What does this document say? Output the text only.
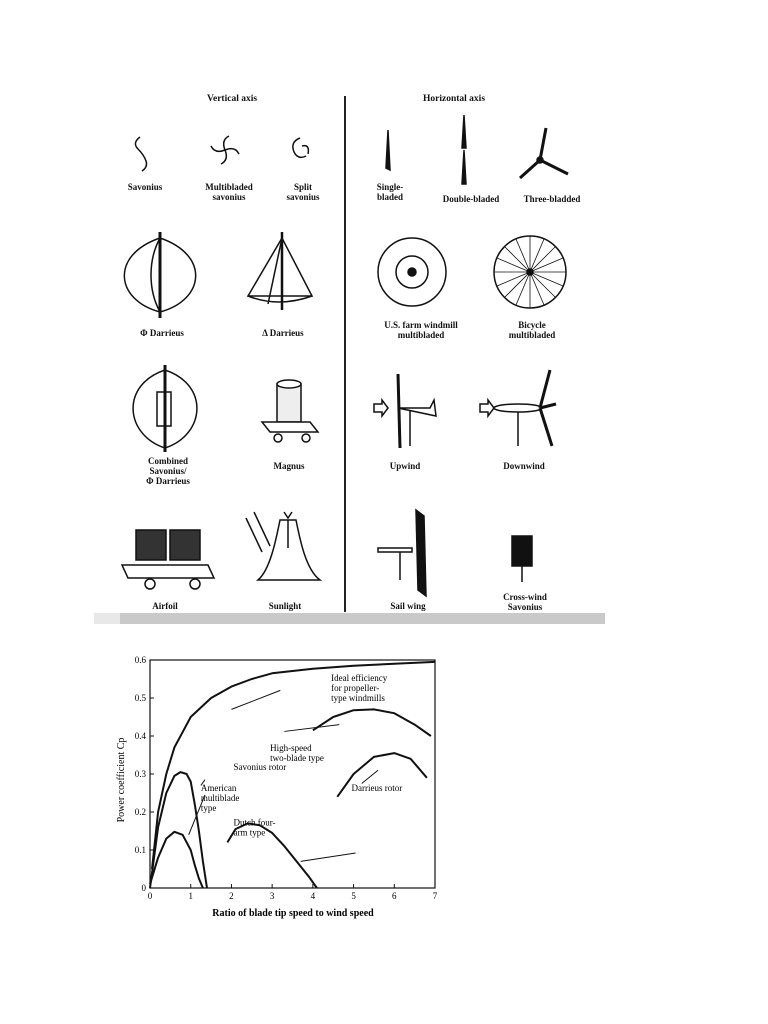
Vertical axis	Horizontal axis
Savonius	Multibladed
savonius
Split
savonius
Φ Darrieus	Δ Darrieus
Combined
Savonius/
Φ Darrieus
Magnus
Airfoil	Sunlight
Single-
bladed	Double-bladed	Three-bladded
U.S. farm windmill
multibladed
Bicycle
multibladed
Upwind	Downwind
Sail wing
Cross-wind
Savonius
0	1	2	3	4	5	6	7
0
0.1
0.2
0.3
0.4
0.5
0.6
Ideal efficiency
for propeller-
type windmills
Savonius rotor
American
multiblade
type
Dutch four-
arm type
High-speed
two-blade type
Darrieus rotor
Ratio of blade tip speed to wind speed
Power coefficient Cp
